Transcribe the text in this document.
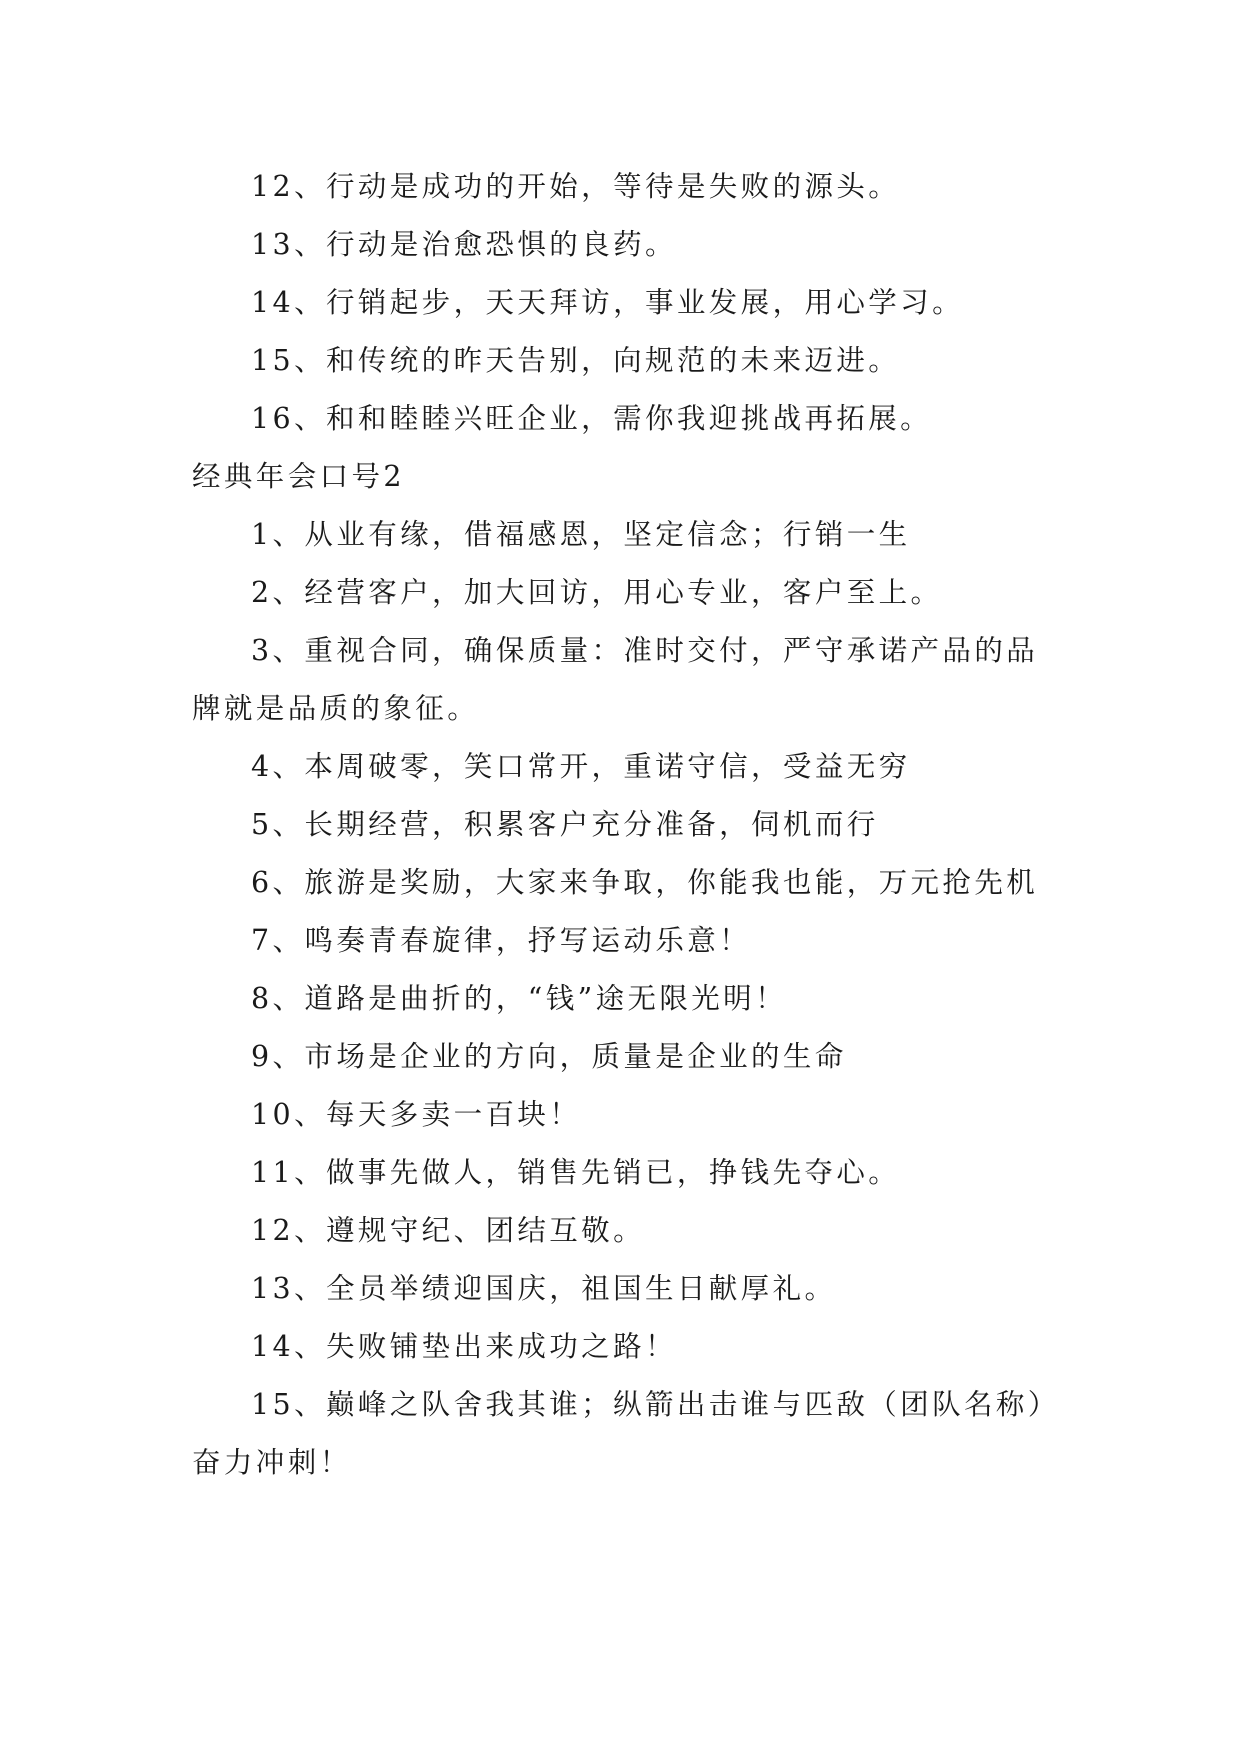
12、行动是成功的开始，等待是失败的源头。

13、行动是治愈恐惧的良药。

14、行销起步，天天拜访，事业发展，用心学习。

15、和传统的昨天告别，向规范的未来迈进。

16、和和睦睦兴旺企业，需你我迎挑战再拓展。

经典年会口号2

1、从业有缘，借福感恩，坚定信念；行销一生

2、经营客户，加大回访，用心专业，客户至上。

3、重视合同，确保质量：准时交付，严守承诺产品的品牌就是品质的象征。

4、本周破零，笑口常开，重诺守信，受益无穷

5、长期经营，积累客户充分准备，伺机而行

6、旅游是奖励，大家来争取，你能我也能，万元抢先机

7、鸣奏青春旋律，抒写运动乐意！

8、道路是曲折的，“钱”途无限光明！

9、市场是企业的方向，质量是企业的生命

10、每天多卖一百块！

11、做事先做人，销售先销已，挣钱先夺心。

12、遵规守纪、团结互敬。

13、全员举绩迎国庆，祖国生日献厚礼。

14、失败铺垫出来成功之路！

15、巅峰之队舍我其谁；纵箭出击谁与匹敌（团队名称）奋力冲刺！
